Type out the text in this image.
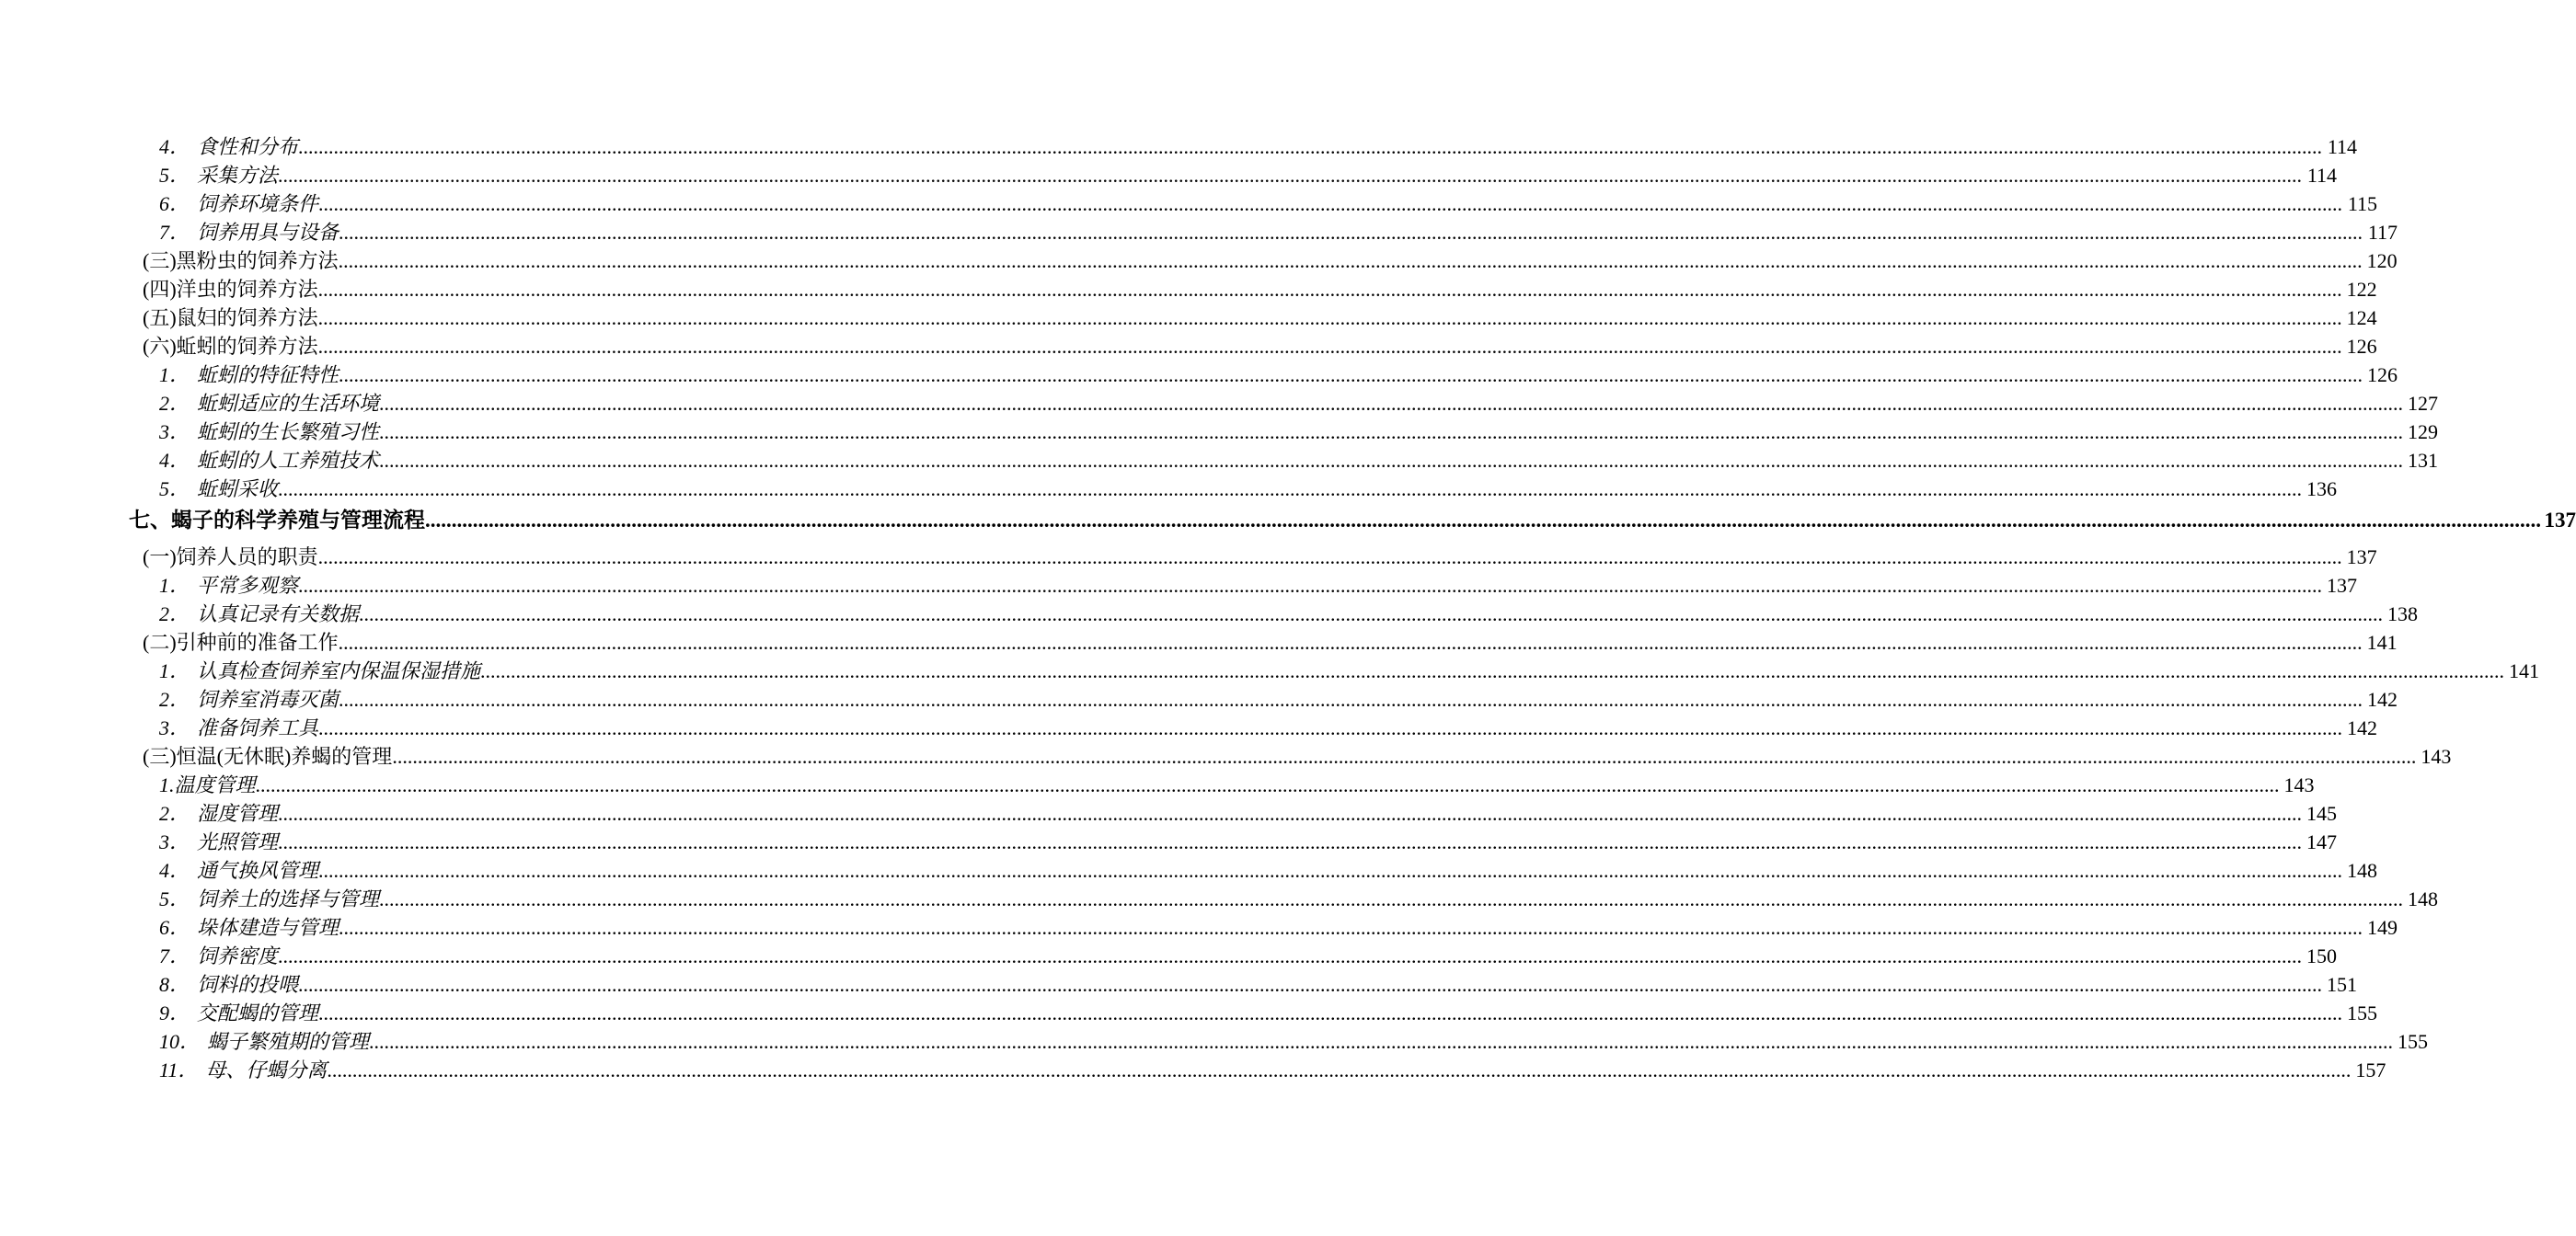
4． 食性和分布 ................................................................................................................................................................................................................................................................................................................................................................................................................ 114
5． 采集方法 ................................................................................................................................................................................................................................................................................................................................................................................................................ 114
6． 饲养环境条件 ................................................................................................................................................................................................................................................................................................................................................................................................................ 115
7． 饲养用具与设备 ................................................................................................................................................................................................................................................................................................................................................................................................................ 117
(三) 黑粉虫的饲养方法 ................................................................................................................................................................................................................................................................................................................................................................................................................ 120
(四) 洋虫的饲养方法 ................................................................................................................................................................................................................................................................................................................................................................................................................ 122
(五) 鼠妇的饲养方法 ................................................................................................................................................................................................................................................................................................................................................................................................................ 124
(六) 蚯蚓的饲养方法 ................................................................................................................................................................................................................................................................................................................................................................................................................ 126
1． 蚯蚓的特征特性 ................................................................................................................................................................................................................................................................................................................................................................................................................ 126
2． 蚯蚓适应的生活环境 ................................................................................................................................................................................................................................................................................................................................................................................................................ 127
3． 蚯蚓的生长繁殖习性 ................................................................................................................................................................................................................................................................................................................................................................................................................ 129
4． 蚯蚓的人工养殖技术 ................................................................................................................................................................................................................................................................................................................................................................................................................ 131
5． 蚯蚓采收 ................................................................................................................................................................................................................................................................................................................................................................................................................ 136
七、 蝎子的科学养殖与管理流程 ................................................................................................................................................................................................................................................................................................................................................................................................................ 137
(一) 饲养人员的职责 ................................................................................................................................................................................................................................................................................................................................................................................................................ 137
1． 平常多观察 ................................................................................................................................................................................................................................................................................................................................................................................................................ 137
2． 认真记录有关数据 ................................................................................................................................................................................................................................................................................................................................................................................................................ 138
(二) 引种前的准备工作 ................................................................................................................................................................................................................................................................................................................................................................................................................ 141
1． 认真检查饲养室内保温保湿措施 ................................................................................................................................................................................................................................................................................................................................................................................................................ 141
2． 饲养室消毒灭菌 ................................................................................................................................................................................................................................................................................................................................................................................................................ 142
3． 准备饲养工具 ................................................................................................................................................................................................................................................................................................................................................................................................................ 142
(三) 恒温(无休眠)养蝎的管理 ................................................................................................................................................................................................................................................................................................................................................................................................................ 143
1. 温度管理 ................................................................................................................................................................................................................................................................................................................................................................................................................ 143
2． 湿度管理 ................................................................................................................................................................................................................................................................................................................................................................................................................ 145
3． 光照管理 ................................................................................................................................................................................................................................................................................................................................................................................................................ 147
4． 通气换风管理 ................................................................................................................................................................................................................................................................................................................................................................................................................ 148
5． 饲养土的选择与管理 ................................................................................................................................................................................................................................................................................................................................................................................................................ 148
6． 垛体建造与管理 ................................................................................................................................................................................................................................................................................................................................................................................................................ 149
7． 饲养密度 ................................................................................................................................................................................................................................................................................................................................................................................................................ 150
8． 饲料的投喂 ................................................................................................................................................................................................................................................................................................................................................................................................................ 151
9． 交配蝎的管理 ................................................................................................................................................................................................................................................................................................................................................................................................................ 155
10． 蝎子繁殖期的管理 ................................................................................................................................................................................................................................................................................................................................................................................................................ 155
11． 母、仔蝎分离 ................................................................................................................................................................................................................................................................................................................................................................................................................ 157
